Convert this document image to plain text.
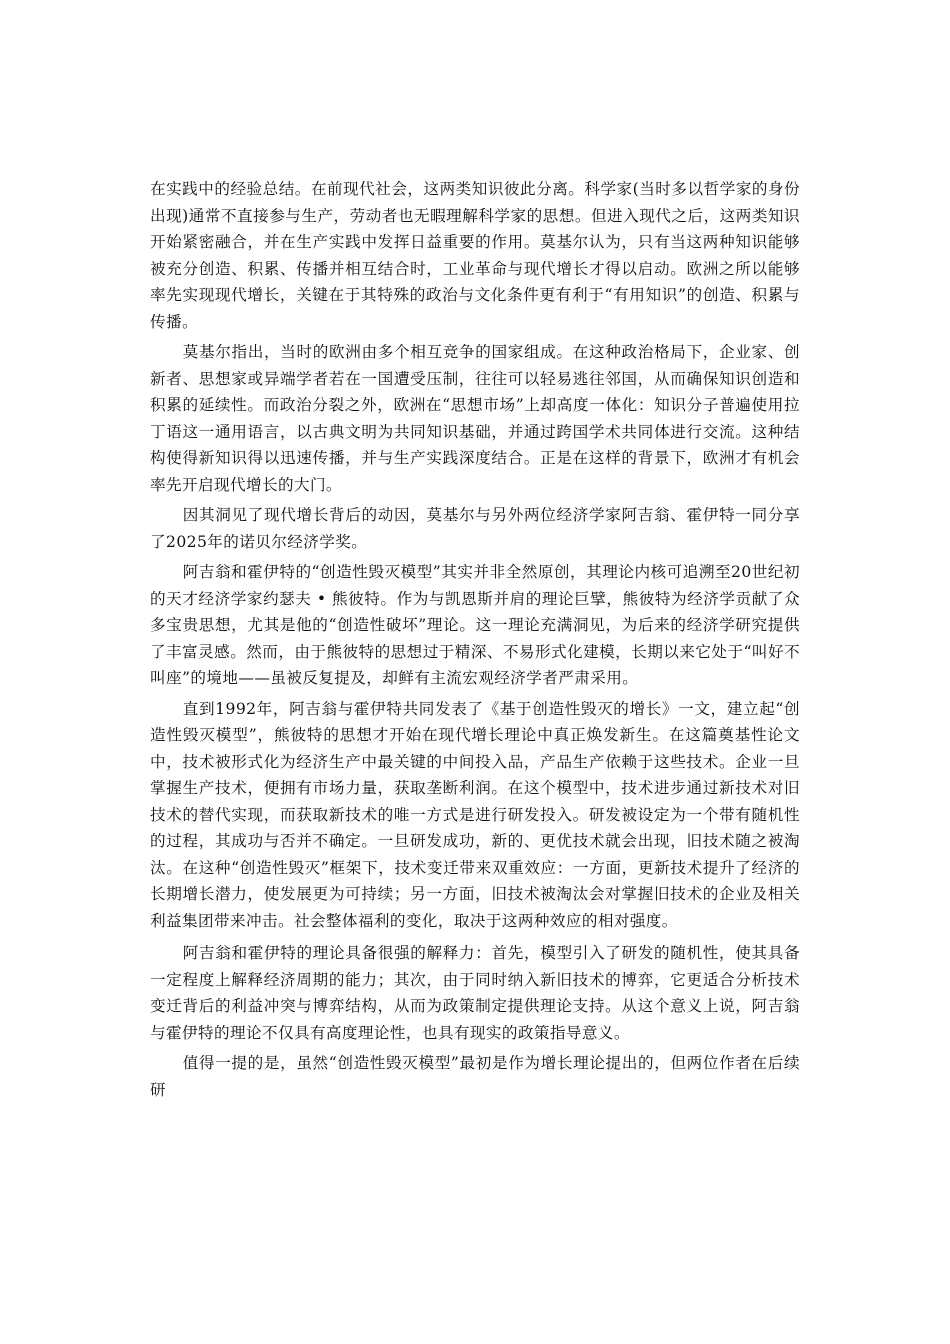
在实践中的经验总结。在前现代社会，这两类知识彼此分离。科学家(当时多以哲学家的身份出现)通常不直接参与生产，劳动者也无暇理解科学家的思想。但进入现代之后，这两类知识开始紧密融合，并在生产实践中发挥日益重要的作用。莫基尔认为，只有当这两种知识能够被充分创造、积累、传播并相互结合时，工业革命与现代增长才得以启动。欧洲之所以能够率先实现现代增长，关键在于其特殊的政治与文化条件更有利于“有用知识”的创造、积累与传播。

莫基尔指出，当时的欧洲由多个相互竞争的国家组成。在这种政治格局下，企业家、创新者、思想家或异端学者若在一国遭受压制，往往可以轻易逃往邻国，从而确保知识创造和积累的延续性。而政治分裂之外，欧洲在“思想市场”上却高度一体化：知识分子普遍使用拉丁语这一通用语言，以古典文明为共同知识基础，并通过跨国学术共同体进行交流。这种结构使得新知识得以迅速传播，并与生产实践深度结合。正是在这样的背景下，欧洲才有机会率先开启现代增长的大门。

因其洞见了现代增长背后的动因，莫基尔与另外两位经济学家阿吉翁、霍伊特一同分享了2025年的诺贝尔经济学奖。

阿吉翁和霍伊特的“创造性毁灭模型”其实并非全然原创，其理论内核可追溯至20世纪初的天才经济学家约瑟夫 • 熊彼特。作为与凯恩斯并肩的理论巨擘，熊彼特为经济学贡献了众多宝贵思想，尤其是他的“创造性破坏”理论。这一理论充满洞见，为后来的经济学研究提供了丰富灵感。然而，由于熊彼特的思想过于精深、不易形式化建模，长期以来它处于“叫好不叫座”的境地——虽被反复提及，却鲜有主流宏观经济学者严肃采用。

直到1992年，阿吉翁与霍伊特共同发表了《基于创造性毁灭的增长》一文，建立起“创造性毁灭模型”，熊彼特的思想才开始在现代增长理论中真正焕发新生。在这篇奠基性论文中，技术被形式化为经济生产中最关键的中间投入品，产品生产依赖于这些技术。企业一旦掌握生产技术，便拥有市场力量，获取垄断利润。在这个模型中，技术进步通过新技术对旧技术的替代实现，而获取新技术的唯一方式是进行研发投入。研发被设定为一个带有随机性的过程，其成功与否并不确定。一旦研发成功，新的、更优技术就会出现，旧技术随之被淘汰。在这种“创造性毁灭”框架下，技术变迁带来双重效应：一方面，更新技术提升了经济的长期增长潜力，使发展更为可持续；另一方面，旧技术被淘汰会对掌握旧技术的企业及相关利益集团带来冲击。社会整体福利的变化，取决于这两种效应的相对强度。

阿吉翁和霍伊特的理论具备很强的解释力：首先，模型引入了研发的随机性，使其具备一定程度上解释经济周期的能力；其次，由于同时纳入新旧技术的博弈，它更适合分析技术变迁背后的利益冲突与博弈结构，从而为政策制定提供理论支持。从这个意义上说，阿吉翁与霍伊特的理论不仅具有高度理论性，也具有现实的政策指导意义。

值得一提的是，虽然“创造性毁灭模型”最初是作为增长理论提出的，但两位作者在后续研
